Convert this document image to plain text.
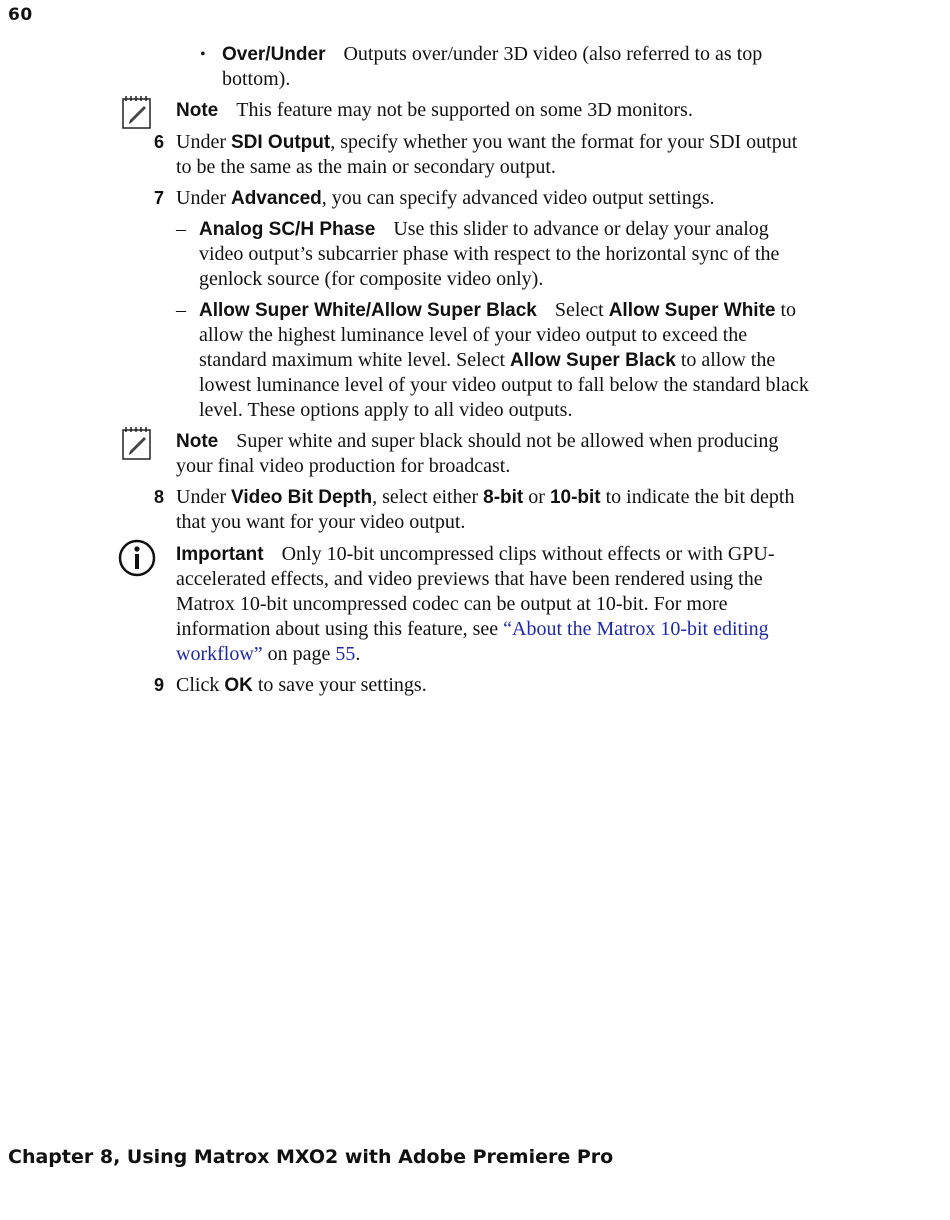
60
• Over/Under Outputs over/under 3D video (also referred to as top bottom).
Note This feature may not be supported on some 3D monitors.
6 Under SDI Output, specify whether you want the format for your SDI output to be the same as the main or secondary output.
7 Under Advanced, you can specify advanced video output settings.
– Analog SC/H Phase Use this slider to advance or delay your analog video output’s subcarrier phase with respect to the horizontal sync of the genlock source (for composite video only).
– Allow Super White/Allow Super Black Select Allow Super White to allow the highest luminance level of your video output to exceed the standard maximum white level. Select Allow Super Black to allow the lowest luminance level of your video output to fall below the standard black level. These options apply to all video outputs.
Note Super white and super black should not be allowed when producing your final video production for broadcast.
8 Under Video Bit Depth, select either 8-bit or 10-bit to indicate the bit depth that you want for your video output.
Important Only 10-bit uncompressed clips without effects or with GPU-accelerated effects, and video previews that have been rendered using the Matrox 10-bit uncompressed codec can be output at 10-bit. For more information about using this feature, see “About the Matrox 10-bit editing workflow” on page 55.
9 Click OK to save your settings.
Chapter 8, Using Matrox MXO2 with Adobe Premiere Pro
